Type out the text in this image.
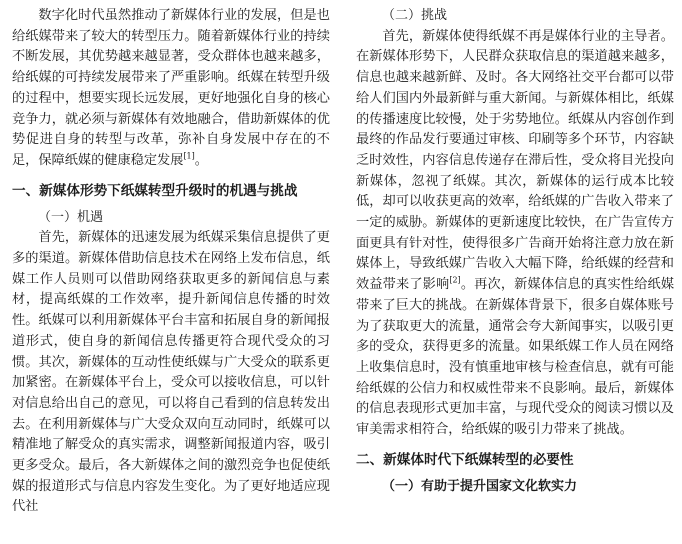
数字化时代虽然推动了新媒体行业的发展，但是也给纸媒带来了较大的转型压力。随着新媒体行业的持续不断发展，其优势越来越显著，受众群体也越来越多，给纸媒的可持续发展带来了严重影响。纸媒在转型升级的过程中，想要实现长远发展，更好地强化自身的核心竞争力，就必须与新媒体有效地融合，借助新媒体的优势促进自身的转型与改革，弥补自身发展中存在的不足，保障纸媒的健康稳定发展[1]。

一、新媒体形势下纸媒转型升级时的机遇与挑战
（一）机遇

首先，新媒体的迅速发展为纸媒采集信息提供了更多的渠道。新媒体借助信息技术在网络上发布信息，纸媒工作人员则可以借助网络获取更多的新闻信息与素材，提高纸媒的工作效率，提升新闻信息传播的时效性。纸媒可以利用新媒体平台丰富和拓展自身的新闻报道形式，使自身的新闻信息传播更符合现代受众的习惯。其次，新媒体的互动性使纸媒与广大受众的联系更加紧密。在新媒体平台上，受众可以接收信息，可以针对信息给出自己的意见，可以将自己看到的信息转发出去。在利用新媒体与广大受众双向互动同时，纸媒可以精准地了解受众的真实需求，调整新闻报道内容，吸引更多受众。最后，各大新媒体之间的激烈竞争也促使纸媒的报道形式与信息内容发生变化。为了更好地适应现代社

（二）挑战

首先，新媒体使得纸媒不再是媒体行业的主导者。在新媒体形势下，人民群众获取信息的渠道越来越多，信息也越来越新鲜、及时。各大网络社交平台都可以带给人们国内外最新鲜与重大新闻。与新媒体相比，纸媒的传播速度比较慢，处于劣势地位。纸媒从内容创作到最终的作品发行要通过审核、印刷等多个环节，内容缺乏时效性，内容信息传递存在滞后性，受众将目光投向新媒体，忽视了纸媒。其次，新媒体的运行成本比较低，却可以收获更高的效率，给纸媒的广告收入带来了一定的威胁。新媒体的更新速度比较快，在广告宣传方面更具有针对性，使得很多广告商开始将注意力放在新媒体上，导致纸媒广告收入大幅下降，给纸媒的经营和效益带来了影响[2]。再次，新媒体信息的真实性给纸媒带来了巨大的挑战。在新媒体背景下，很多自媒体账号为了获取更大的流量，通常会夸大新闻事实，以吸引更多的受众，获得更多的流量。如果纸媒工作人员在网络上收集信息时，没有慎重地审核与检查信息，就有可能给纸媒的公信力和权威性带来不良影响。最后，新媒体的信息表现形式更加丰富，与现代受众的阅读习惯以及审美需求相符合，给纸媒的吸引力带来了挑战。

二、新媒体时代下纸媒转型的必要性
（一）有助于提升国家文化软实力
